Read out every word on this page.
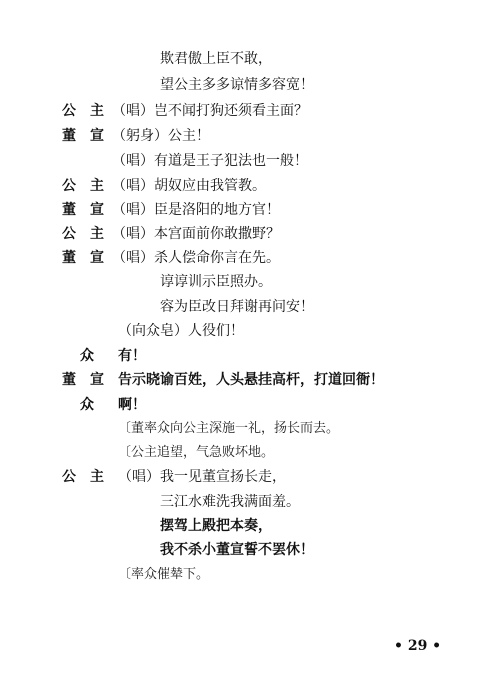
欺君傲上臣不敢，
望公主多多谅情多容宽！
公　主 （唱）岂不闻打狗还须看主面？
董　宣 （躬身）公主！
（唱）有道是王子犯法也一般！
公　主 （唱）胡奴应由我管教。
董　宣 （唱）臣是洛阳的地方官！
公　主 （唱）本宫面前你敢撒野？
董　宣 （唱）杀人偿命你言在先。
谆谆训示臣照办。
容为臣改日拜谢再问安！
（向众皂）人役们！
众 有！
董　宣 告示晓谕百姓，人头悬挂高杆，打道回衙！
众 啊！
〔董率众向公主深施一礼，扬长而去。
〔公主追望，气急败坏地。
公　主 （唱）我一见董宣扬长走，
三江水难洗我满面羞。
摆驾上殿把本奏，
我不杀小董宣誓不罢休！
〔率众催辇下。
• 29 •
